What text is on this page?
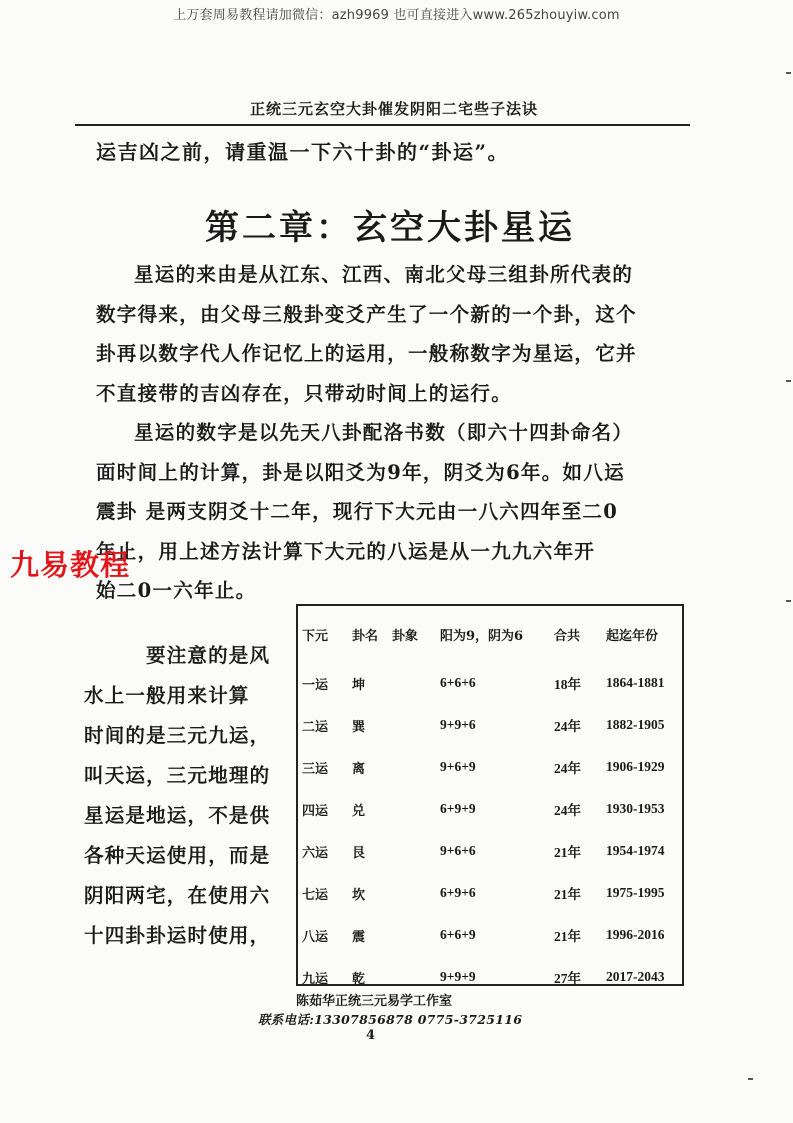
上万套周易教程请加微信：azh9969 也可直接进入www.265zhouyiw.com
正统三元玄空大卦催发阴阳二宅些子法诀
运吉凶之前，请重温一下六十卦的“卦运”。
第二章：玄空大卦星运

星运的来由是从江东、江西、南北父母三组卦所代表的

数字得来，由父母三般卦变爻产生了一个新的一个卦，这个

卦再以数字代人作记忆上的运用，一般称数字为星运，它并

不直接带的吉凶存在，只带动时间上的运行。

星运的数字是以先天八卦配洛书数（即六十四卦命名）

面时间上的计算，卦是以阳爻为9年，阴爻为6年。如八运

震卦 是两支阴爻十二年，现行下大元由一八六四年至二0

年止，用上述方法计算下大元的八运是从一九九六年开

始二0一六年止。

九易教程

要注意的是风

水上一般用来计算

时间的是三元九运，

叫天运，三元地理的

星运是地运，不是供

各种天运使用，而是

阴阳两宅，在使用六

十四卦卦运时使用，

下元	卦名	卦象	阳为9，阴为6	合共	起迄年份
一运	坤		6+6+6	18年	1864-1881
二运	巽		9+9+6	24年	1882-1905
三运	离		9+6+9	24年	1906-1929
四运	兑		6+9+9	24年	1930-1953
六运	艮		9+6+6	21年	1954-1974
七运	坎		6+9+6	21年	1975-1995
八运	震		6+6+9	21年	1996-2016
九运	乾		9+9+9	27年	2017-2043
陈茹华正统三元易学工作室
联系电话:13307856878 0775-3725116
4
